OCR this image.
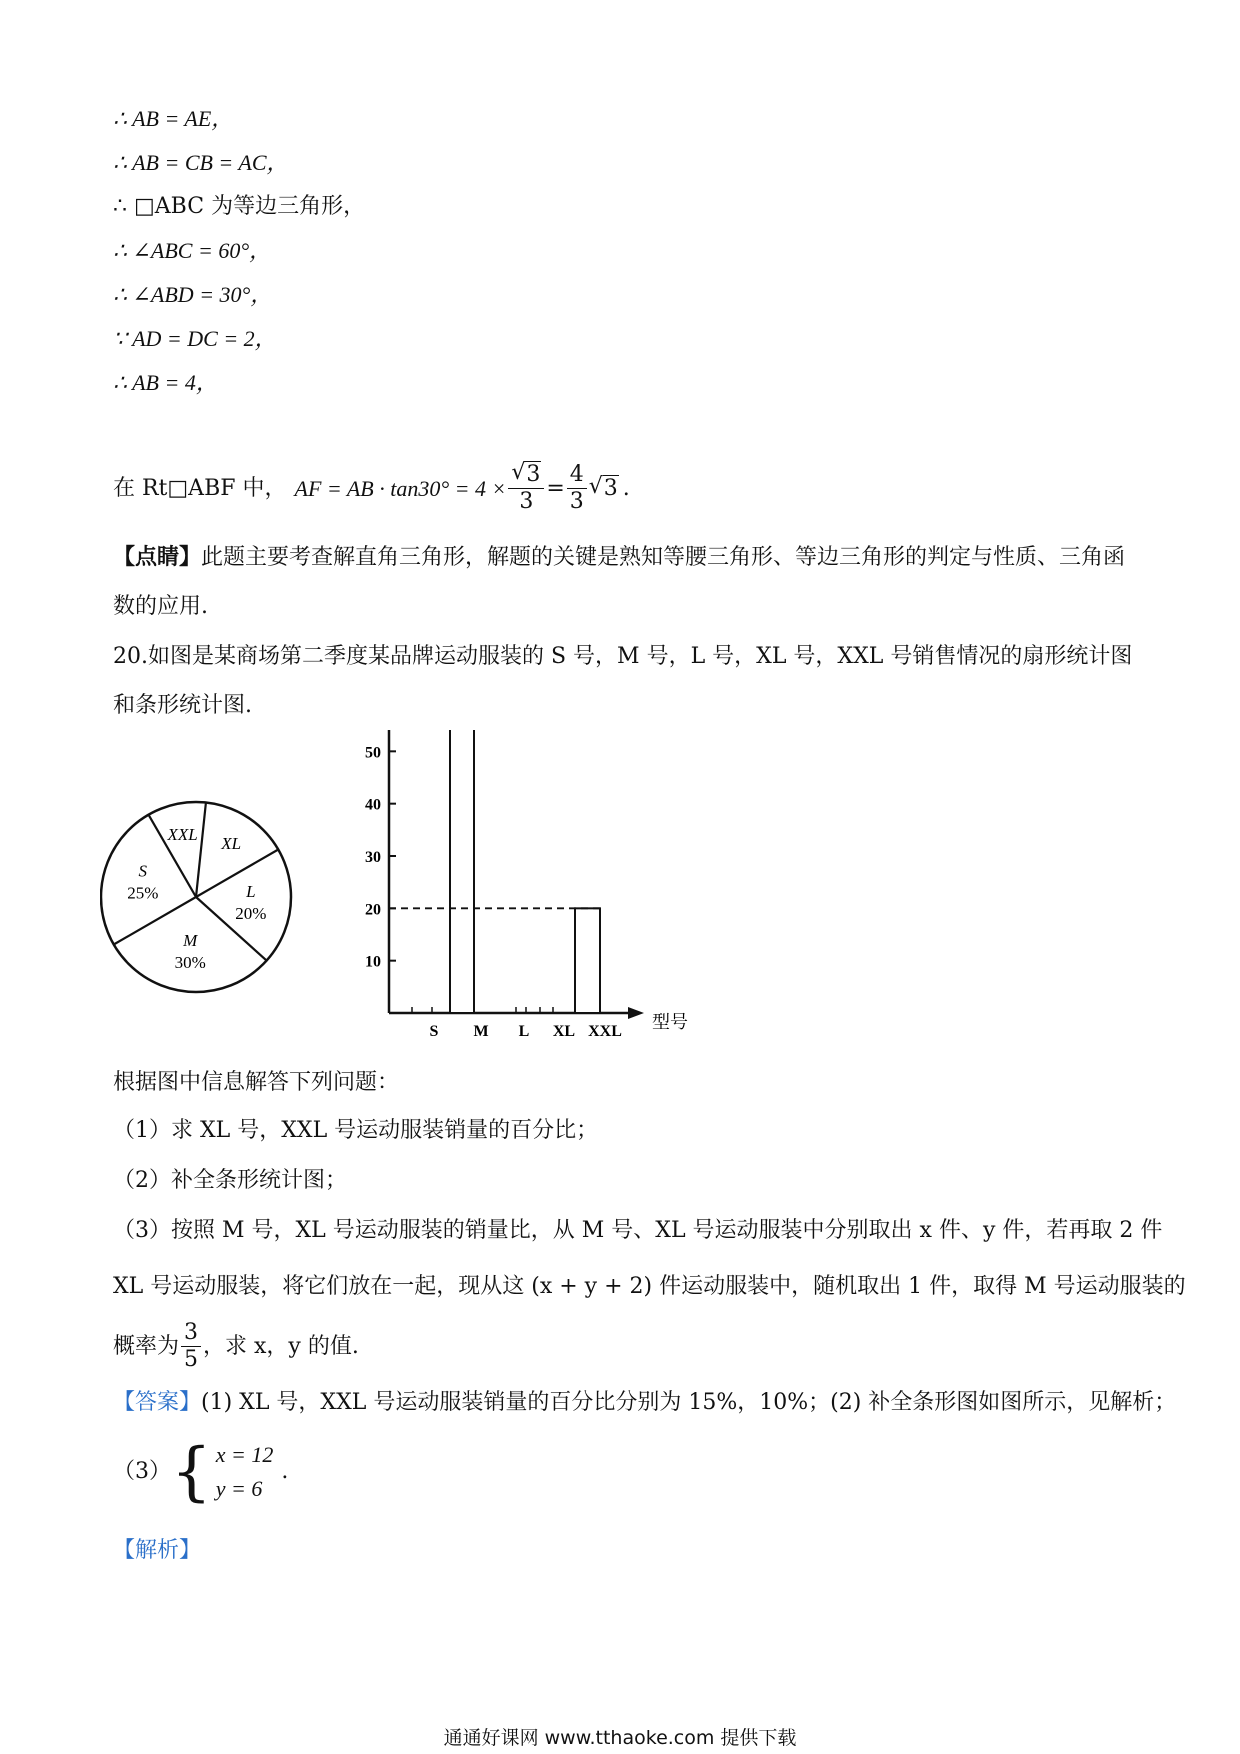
∴ AB = AE，
∴ AB = CB = AC，
∴ □ABC 为等边三角形，
∴ ∠ABC = 60°，
∴ ∠ABD = 30°，
∵ AD = DC = 2，
∴ AB = 4，
在 Rt□ABF 中， AF = AB · tan30° = 4 × √ $\frac{3}{3} = \frac{4}{3}$ √ 3 .
【点睛】此题主要考查解直角三角形，解题的关键是熟知等腰三角形、等边三角形的判定与性质、三角函数的应用.
20.如图是某商场第二季度某品牌运动服装的 S 号，M 号，L 号，XL 号，XXL 号销售情况的扇形统计图和条形统计图.
XL
L
20%
M
30%
S
25%
XXL
型号
10
20
30
40
50
S M L XL XXL
根据图中信息解答下列问题：
（1）求 XL 号，XXL 号运动服装销量的百分比；
（2）补全条形统计图；
（3）按照 M 号，XL 号运动服装的销量比，从 M 号、XL 号运动服装中分别取出 x 件、y 件，若再取 2 件
XL 号运动服装，将它们放在一起，现从这 (x + y + 2) 件运动服装中，随机取出 1 件，取得 M 号运动服装的
概率为 $\frac{3}{5}$ ，求 x，y 的值.
【答案】(1) XL 号，XXL 号运动服装销量的百分比分别为 15%，10%；(2) 补全条形图如图所示，见解析；
（3） { x = 12
y = 6
.
【解析】
通通好课网 www.tthaoke.com 提供下载
